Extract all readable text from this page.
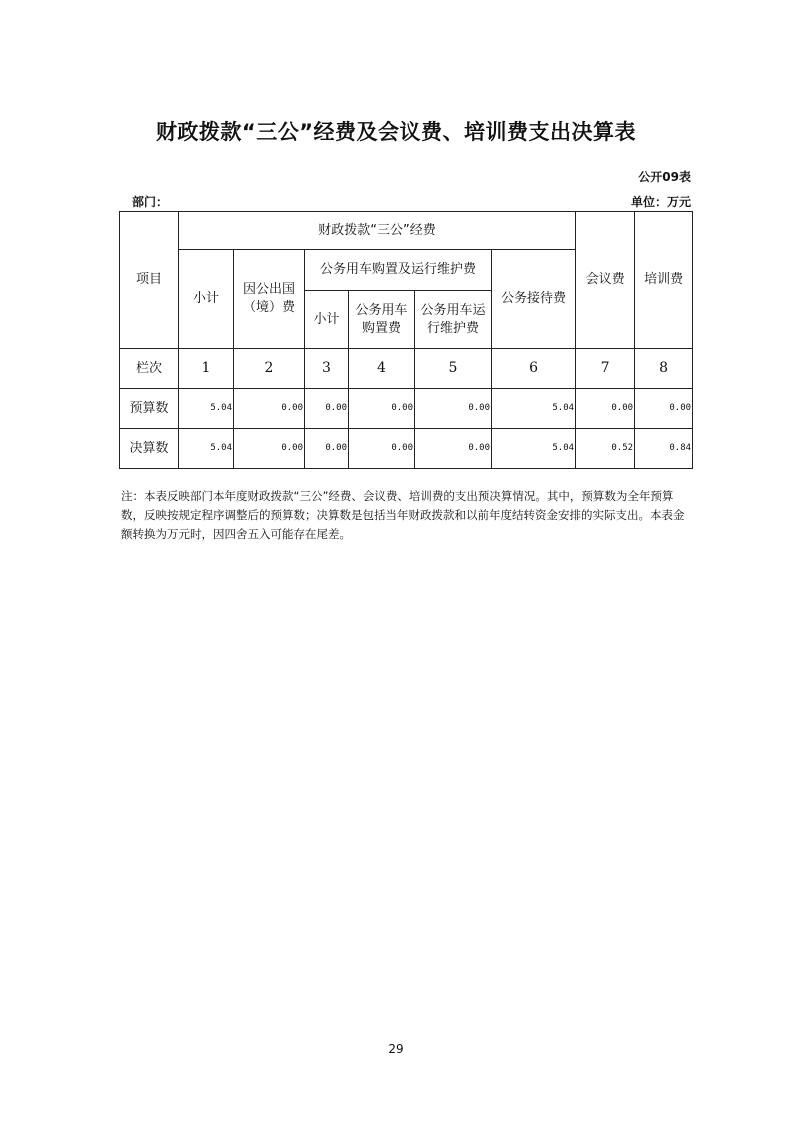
财政拨款“三公”经费及会议费、培训费支出决算表
公开09表
部门：	单位：万元
项目	财政拨款“三公”经费						会议费	培训费
	小计	因公出国（境）费	公务用车购置及运行维护费			公务接待费		
			小计	公务用车购置费	公务用车运行维护费			
栏次	1	2	3	4	5	6	7	8
预算数	5.04	0.00	0.00	0.00	0.00	5.04	0.00	0.00
决算数	5.04	0.00	0.00	0.00	0.00	5.04	0.52	0.84
注：本表反映部门本年度财政拨款“三公”经费、会议费、培训费的支出预决算情况。其中，预算数为全年预算数，反映按规定程序调整后的预算数；决算数是包括当年财政拨款和以前年度结转资金安排的实际支出。本表金额转换为万元时，因四舍五入可能存在尾差。
29
